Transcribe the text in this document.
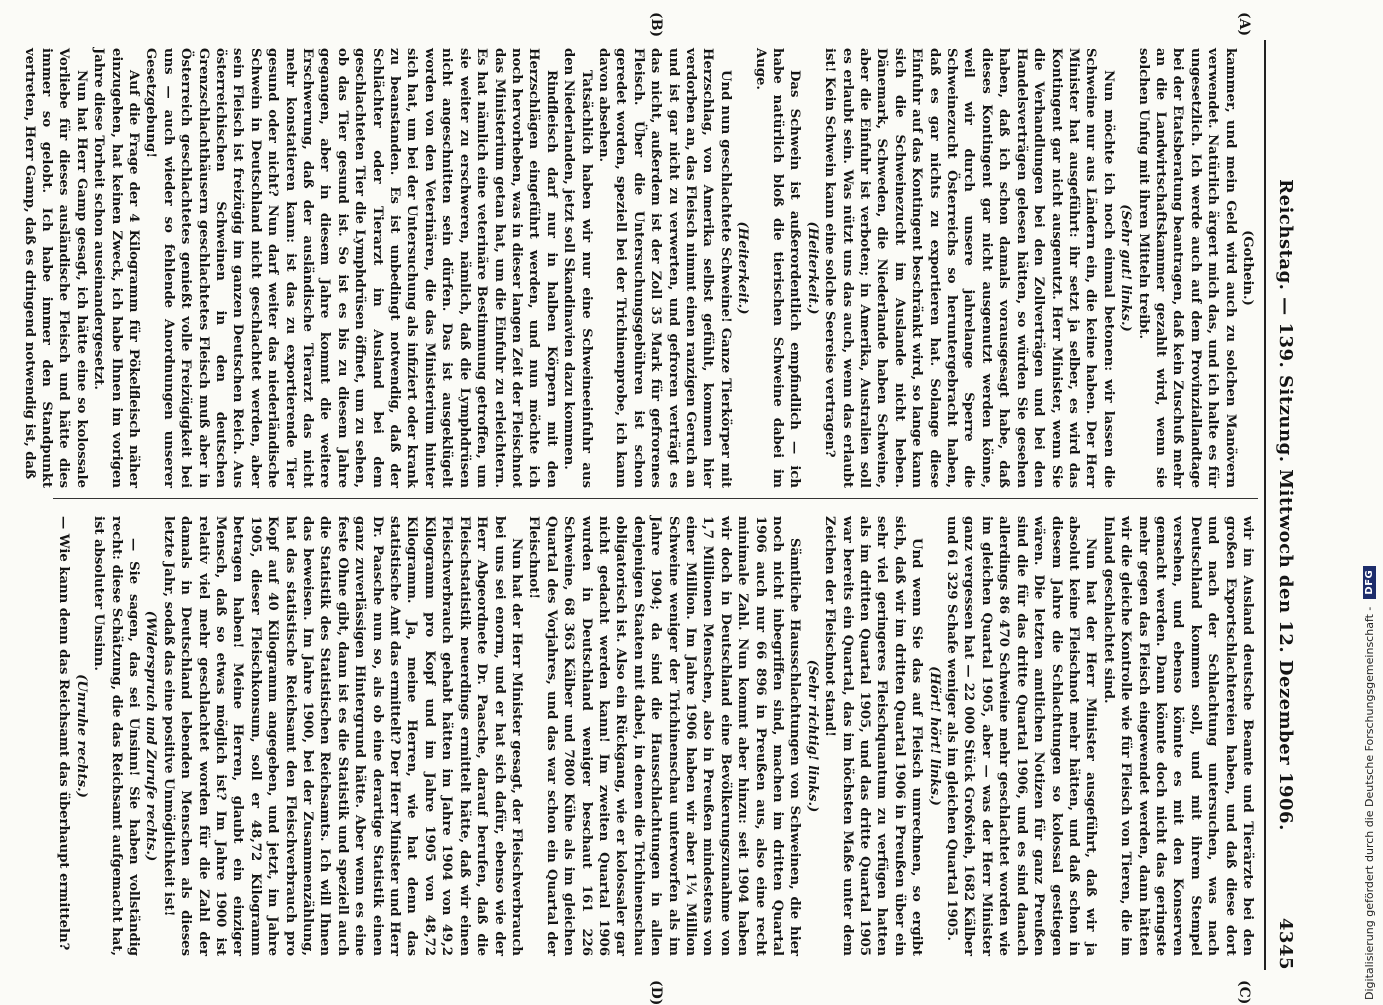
Reichstag. — 139. Sitzung. Mittwoch den 12. Dezember 1906.
4345
(A)
(B)
(C)
(D)

(Gothein.)

kammer, und mein Geld wird auch zu solchen Manövern verwendet. Natürlich ärgert mich das, und ich halte es für ungesetzlich. Ich werde auch auf dem Provinziallandtage bei der Etatsberatung beantragen, daß kein Zuschuß mehr an die Landwirtschaftskammer gezahlt wird, wenn sie solchen Unfug mit ihren Mitteln treibt.

(Sehr gut! links.)

Nun möchte ich noch einmal betonen: wir lassen die Schweine nur aus Ländern ein, die keine haben. Der Herr Minister hat ausgeführt: ihr setzt ja selber, es wird das Kontingent gar nicht ausgenutzt. Herr Minister, wenn Sie die Verhandlungen bei den Zollverträgen und bei den Handelsverträgen gelesen hätten, so würden Sie gesehen haben, daß ich schon damals vorausgesagt habe, daß dieses Kontingent gar nicht ausgenutzt werden könne, weil wir durch unsere jahrelange Sperre die Schweinezucht Österreichs so heruntergebracht haben, daß es gar nichts zu exportieren hat. Solange diese Einfuhr auf das Kontingent beschränkt wird, so lange kann sich die Schweinezucht im Auslande nicht heben. Dänemark, Schweden, die Niederlande haben Schweine, aber die Einfuhr ist verboten; in Amerika, Australien soll es erlaubt sein. Was nützt uns das auch, wenn das erlaubt ist! Kein Schwein kann eine solche Seereise vertragen?

(Heiterkeit.)

Das Schwein ist außerordentlich empfindlich — ich habe natürlich bloß die tierischen Schweine dabei im Auge.

(Heiterkeit.)

Und nun geschlachtete Schweine! Ganze Tierkörper mit Herzschlag, von Amerika selbst gefühlt, kommen hier verdorben an, das Fleisch nimmt einen ranzigen Geruch an und ist gar nicht zu verwerten, und gefroren verträgt es das nicht, außerdem ist der Zoll 35 Mark für gefrorenes Fleisch. Über die Untersuchungsgebühren ist schon geredet worden, speziell bei der Trichinenprobe, ich kann davon absehen.

Tatsächlich haben wir nur eine Schweineeinfuhr aus den Niederlanden, jetzt soll Skandinavien dazu kommen.

Rindfleisch darf nur in halben Körpern mit den Herzschlägen eingeführt werden, und nun möchte ich noch hervorheben, was in dieser langen Zeit der Fleischnot das Ministerium getan hat, um die Einfuhr zu erleichtern. Es hat nämlich eine veterinäre Bestimmung getroffen, um sie weiter zu erschweren, nämlich, daß die Lymphdrüsen nicht angeschnitten sein dürfen. Das ist ausgeklügelt worden von den Veterinären, die das Ministerium hinter sich hat, um bei der Untersuchung als infiziert oder krank zu beanstanden. Es ist unbedingt notwendig, daß der Schlächter oder Tierarzt im Ausland bei dem geschlachteten Tier die Lymphdrüsen öffnet, um zu sehen, ob das Tier gesund ist. So ist es bis zu diesem Jahre gegangen, aber in diesem Jahre kommt die weitere Erschwerung, daß der ausländische Tierarzt das nicht mehr konstatieren kann: ist das zu exportierende Tier gesund oder nicht? Nun darf weiter das niederländische Schwein in Deutschland nicht geschlachtet werden, aber sein Fleisch ist freizügig im ganzen Deutschen Reich. Aus österreichischen Schweinen in den deutschen Grenzschlachthäusern geschlachtetes Fleisch muß aber in Österreich geschlachtetes genießt volle Freizügigkeit bei uns — auch wieder so fehlende Anordnungen unserer Gesetzgebung!

Auf die Frage der 4 Kilogramm für Pökelfleisch näher einzugehen, hat keinen Zweck, ich habe Ihnen im vorigen Jahre diese Torheit schon auseinandergesetzt.

Nun hat Herr Gamp gesagt, ich hätte eine so kolossale Vorliebe für dieses ausländische Fleisch und hätte dies immer so gelobt. Ich habe immer den Standpunkt vertreten, Herr Gamp, daß es dringend notwendig ist, daß

wir im Ausland deutsche Beamte und Tierärzte bei den großen Exportschlachtereien haben, und daß diese dort und nach der Schlachtung untersuchen, was nach Deutschland kommen soll, und mit ihrem Stempel versehen, und ebenso könnte es mit den Konserven gemacht werden. Dann könnte doch nicht das geringste mehr gegen das Fleisch eingewendet werden, dann hätten wir die gleiche Kontrolle wie für Fleisch von Tieren, die im Inland geschlachtet sind.

Nun hat der Herr Minister ausgeführt, daß wir ja absolut keine Fleischnot mehr hätten, und daß schon in diesem Jahre die Schlachtungen so kolossal gestiegen wären. Die letzten amtlichen Notizen für ganz Preußen sind die für das dritte Quartal 1906, und es sind danach allerdings 86 470 Schweine mehr geschlachtet worden wie im gleichen Quartal 1905, aber — was der Herr Minister ganz vergessen hat — 22 000 Stück Großvieh, 1682 Kälber und 61 329 Schafe weniger als im gleichen Quartal 1905.

(Hört! hört! links.)

Und wenn Sie das auf Fleisch umrechnen, so ergibt sich, daß wir im dritten Quartal 1906 in Preußen über ein sehr viel geringeres Fleischquantum zu verfügen hatten als im dritten Quartal 1905, und das dritte Quartal 1905 war bereits ein Quartal, das im höchsten Maße unter dem Zeichen der Fleischnot stand!

(Sehr richtig! links.)

Sämtliche Hausschlachtungen von Schweinen, die hier noch nicht inbegriffen sind, machen im dritten Quartal 1906 auch nur 66 896 in Preußen aus, also eine recht minimale Zahl. Nun kommt aber hinzu: seit 1904 haben wir doch in Deutschland eine Bevölkerungszunahme von 1,7 Millionen Menschen, also in Preußen mindestens von einer Million. Im Jahre 1906 haben wir aber 1¼ Million Schweine weniger der Trichinenschau unterworfen als im Jahre 1904; da sind die Hausschlachtungen in allen denjenigen Staaten mit dabei, in denen die Trichinenschau obligatorisch ist. Also ein Rückgang, wie er kolossaler gar nicht gedacht werden kann! Im zweiten Quartal 1906 wurden in Deutschland weniger beschaut 161 226 Schweine, 68 363 Kälber und 7800 Kühe als im gleichen Quartal des Vorjahres, und das war schon ein Quartal der Fleischnot!

Nun hat der Herr Minister gesagt, der Fleischverbrauch bei uns sei enorm, und er hat sich dafür, ebenso wie der Herr Abgeordnete Dr. Paasche, darauf berufen, daß die Fleischstatistik neuerdings ermittelt hätte, daß wir einen Fleischverbrauch gehabt hätten im Jahre 1904 von 49,2 Kilogramm pro Kopf und im Jahre 1905 von 48,72 Kilogramm. Ja, meine Herren, wie hat denn das statistische Amt das ermittelt? Der Herr Minister und Herr Dr. Paasche nun so, als ob eine derartige Statistik einen ganz zuverlässigen Hintergrund hätte. Aber wenn es eine feste Ohne gibt, dann ist es die Statistik und speziell auch die Statistik des Statistischen Reichsamts. Ich will Ihnen das beweisen. Im Jahre 1900, bei der Zusammenzählung, hat das statistische Reichsamt den Fleischverbrauch pro Kopf auf 40 Kilogramm angegeben, und jetzt, im Jahre 1905, dieser Fleischkonsum, soll er 48,72 Kilogramm betragen haben! Meine Herren, glaubt ein einziger Mensch, daß so etwas möglich ist? Im Jahre 1900 ist relativ viel mehr geschlachtet worden für die Zahl der damals in Deutschland lebenden Menschen als dieses letzte Jahr, sodaß das eine positive Unmöglichkeit ist!

(Widerspruch und Zurufe rechts.)

— Sie sagen, das sei Unsinn! Sie haben vollständig recht: diese Schätzung, die das Reichsamt aufgemacht hat, ist absoluter Unsinn.

(Unruhe rechts.)

— Wie kann denn das Reichsamt das überhaupt ermitteln?	Digitalisierung gefördert durch die Deutsche Forschungsgemeinschaft -
DFG
